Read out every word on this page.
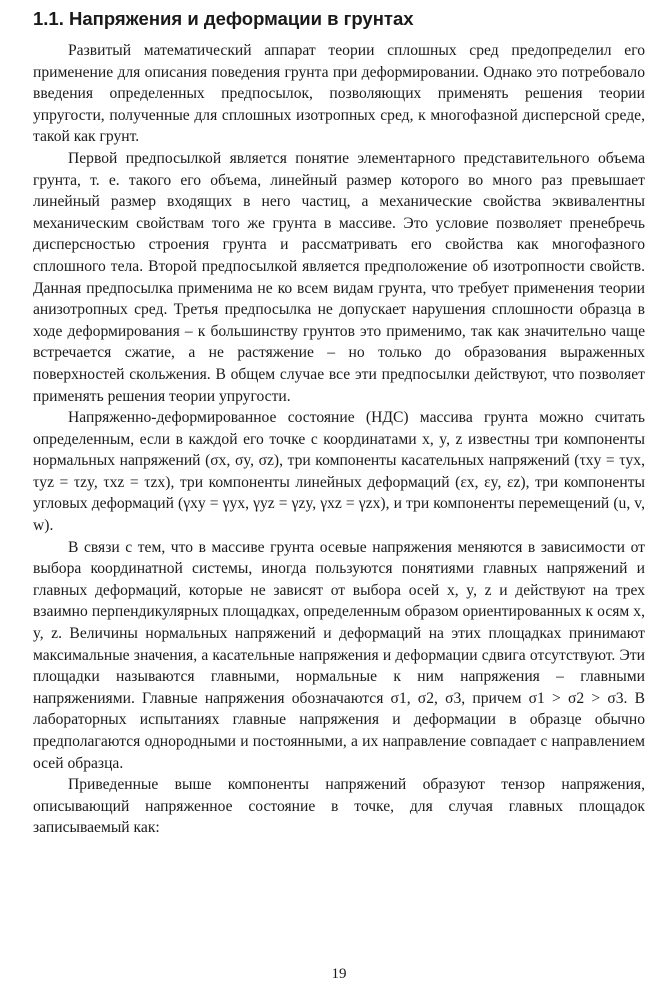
1.1. Напряжения и деформации в грунтах

Развитый математический аппарат теории сплошных сред предопределил его применение для описания поведения грунта при деформировании. Однако это потребовало введения определенных предпосылок, позволяющих применять решения теории упругости, полученные для сплошных изотропных сред, к многофазной дисперсной среде, такой как грунт.

Первой предпосылкой является понятие элементарного представительного объема грунта, т. е. такого его объема, линейный размер которого во много раз превышает линейный размер входящих в него частиц, а механические свойства эквивалентны механическим свойствам того же грунта в массиве. Это условие позволяет пренебречь дисперсностью строения грунта и рассматривать его свойства как многофазного сплошного тела. Второй предпосылкой является предположение об изотропности свойств. Данная предпосылка применима не ко всем видам грунта, что требует применения теории анизотропных сред. Третья предпосылка не допускает нарушения сплошности образца в ходе деформирования – к большинству грунтов это применимо, так как значительно чаще встречается сжатие, а не растяжение – но только до образования выраженных поверхностей скольжения. В общем случае все эти предпосылки действуют, что позволяет применять решения теории упругости.

Напряженно-деформированное состояние (НДС) массива грунта можно считать определенным, если в каждой его точке с координатами x, y, z известны три компоненты нормальных напряжений (σx, σy, σz), три компоненты касательных напряжений (τxy = τyx, τyz = τzy, τxz = τzx), три компоненты линейных деформаций (εx, εy, εz), три компоненты угловых деформаций (γxy = γyx, γyz = γzy, γxz = γzx), и три компоненты перемещений (u, v, w).

В связи с тем, что в массиве грунта осевые напряжения меняются в зависимости от выбора координатной системы, иногда пользуются понятиями главных напряжений и главных деформаций, которые не зависят от выбора осей x, y, z и действуют на трех взаимно перпендикулярных площадках, определенным образом ориентированных к осям x, y, z. Величины нормальных напряжений и деформаций на этих площадках принимают максимальные значения, а касательные напряжения и деформации сдвига отсутствуют. Эти площадки называются главными, нормальные к ним напряжения – главными напряжениями. Главные напряжения обозначаются σ1, σ2, σ3, причем σ1 > σ2 > σ3. В лабораторных испытаниях главные напряжения и деформации в образце обычно предполагаются однородными и постоянными, а их направление совпадает с направлением осей образца.

Приведенные выше компоненты напряжений образуют тензор напряжения, описывающий напряженное состояние в точке, для случая главных площадок записываемый как:

19
